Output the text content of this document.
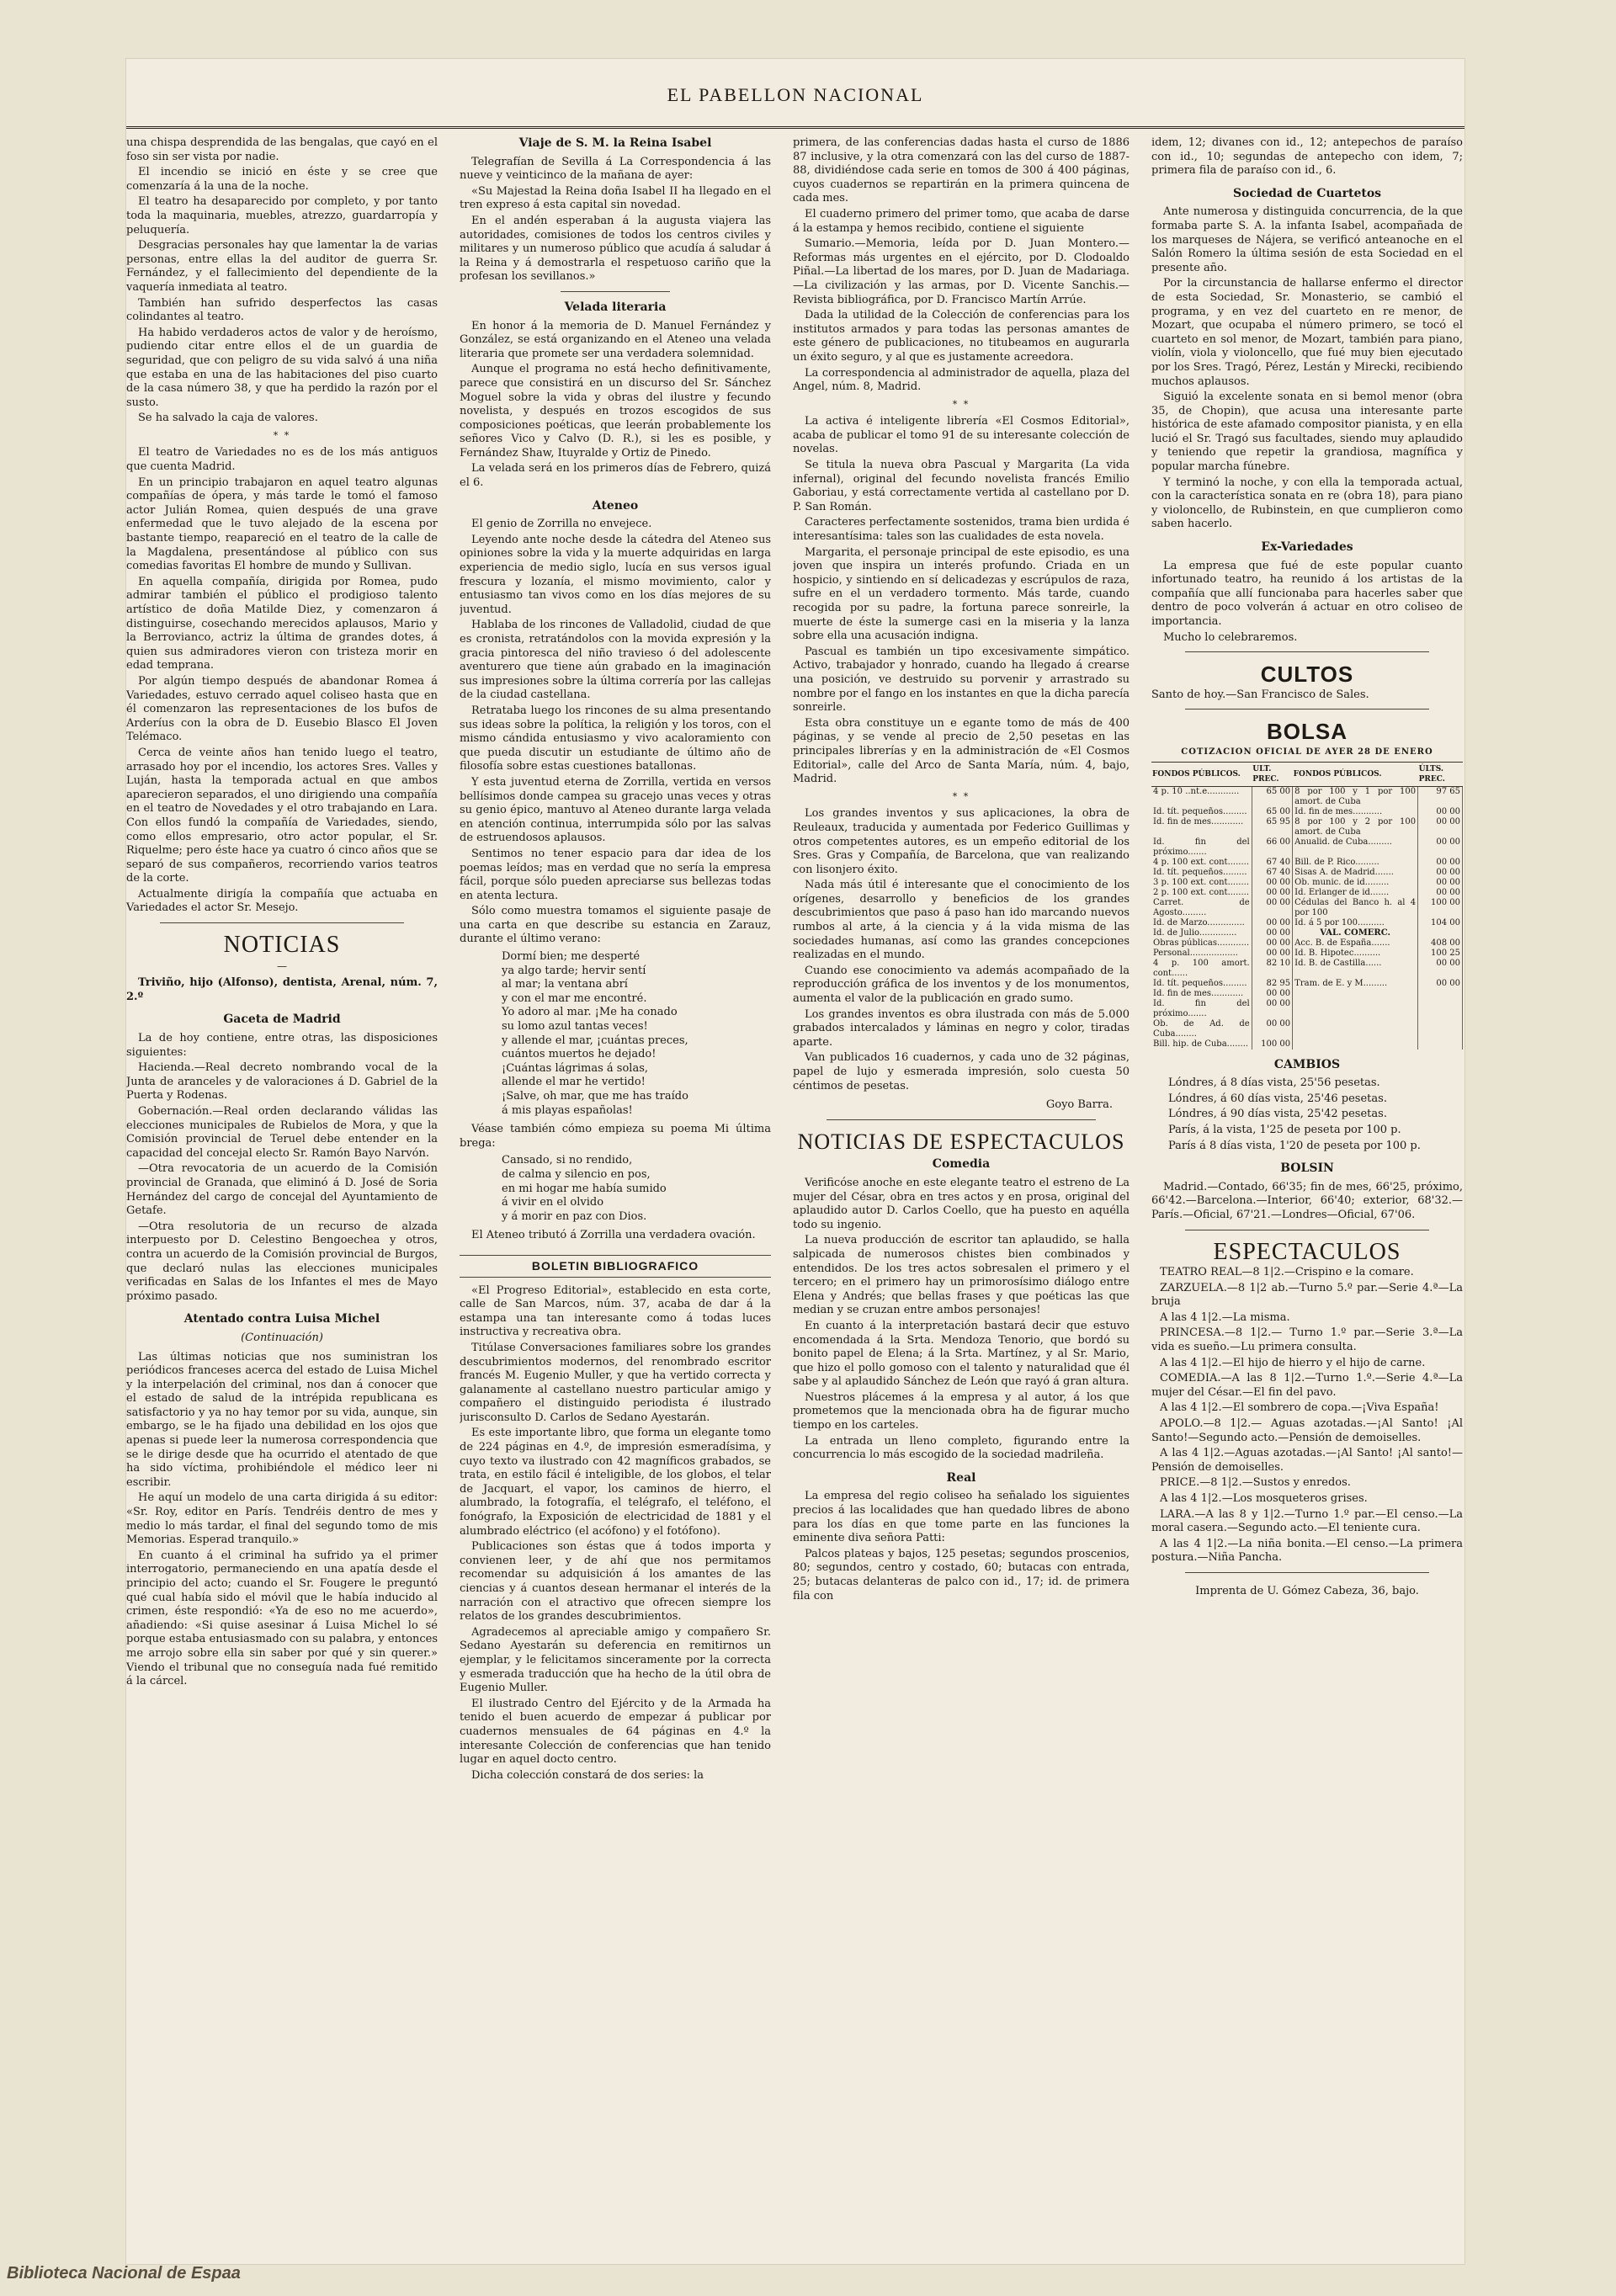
EL PABELLON NACIONAL

una chispa desprendida de las bengalas, que cayó en el foso sin ser vista por nadie.

El incendio se inició en éste y se cree que comenzaría á la una de la noche.

El teatro ha desaparecido por completo, y por tanto toda la maquinaria, muebles, atrezzo, guardarropía y peluquería.

Desgracias personales hay que lamentar la de varias personas, entre ellas la del auditor de guerra Sr. Fernández, y el fallecimiento del dependiente de la vaquería inmediata al teatro.

También han sufrido desperfectos las casas colindantes al teatro.

Ha habido verdaderos actos de valor y de heroísmo, pudiendo citar entre ellos el de un guardia de seguridad, que con peligro de su vida salvó á una niña que estaba en una de las habitaciones del piso cuarto de la casa número 38, y que ha perdido la razón por el susto.

Se ha salvado la caja de valores.

* *

El teatro de Variedades no es de los más antiguos que cuenta Madrid.

En un principio trabajaron en aquel teatro algunas compañías de ópera, y más tarde le tomó el famoso actor Julián Romea, quien después de una grave enfermedad que le tuvo alejado de la escena por bastante tiempo, reapareció en el teatro de la calle de la Magdalena, presentándose al público con sus comedias favoritas El hombre de mundo y Sullivan.

En aquella compañía, dirigida por Romea, pudo admirar también el público el prodigioso talento artístico de doña Matilde Diez, y comenzaron á distinguirse, cosechando merecidos aplausos, Mario y la Berrovianco, actriz la última de grandes dotes, á quien sus admiradores vieron con tristeza morir en edad temprana.

Por algún tiempo después de abandonar Romea á Variedades, estuvo cerrado aquel coliseo hasta que en él comenzaron las representaciones de los bufos de Arderíus con la obra de D. Eusebio Blasco El Joven Telémaco.

Cerca de veinte años han tenido luego el teatro, arrasado hoy por el incendio, los actores Sres. Valles y Luján, hasta la temporada actual en que ambos aparecieron separados, el uno dirigiendo una compañía en el teatro de Novedades y el otro trabajando en Lara. Con ellos fundó la compañía de Variedades, siendo, como ellos empresario, otro actor popular, el Sr. Riquelme; pero éste hace ya cuatro ó cinco años que se separó de sus compañeros, recorriendo varios teatros de la corte.

Actualmente dirigía la compañía que actuaba en Variedades el actor Sr. Mesejo.

NOTICIAS
—

Triviño, hijo (Alfonso), dentista, Arenal, núm. 7, 2.º

Gaceta de Madrid

La de hoy contiene, entre otras, las disposiciones siguientes:

Hacienda.—Real decreto nombrando vocal de la Junta de aranceles y de valoraciones á D. Gabriel de la Puerta y Rodenas.

Gobernación.—Real orden declarando válidas las elecciones municipales de Rubielos de Mora, y que la Comisión provincial de Teruel debe entender en la capacidad del concejal electo Sr. Ramón Bayo Narvón.

—Otra revocatoria de un acuerdo de la Comisión provincial de Granada, que eliminó á D. José de Soria Hernández del cargo de concejal del Ayuntamiento de Getafe.

—Otra resolutoria de un recurso de alzada interpuesto por D. Celestino Bengoechea y otros, contra un acuerdo de la Comisión provincial de Burgos, que declaró nulas las elecciones municipales verificadas en Salas de los Infantes el mes de Mayo próximo pasado.

Atentado contra Luisa Michel
(Continuación)

Las últimas noticias que nos suministran los periódicos franceses acerca del estado de Luisa Michel y la interpelación del criminal, nos dan á conocer que el estado de salud de la intrépida republicana es satisfactorio y ya no hay temor por su vida, aunque, sin embargo, se le ha fijado una debilidad en los ojos que apenas si puede leer la numerosa correspondencia que se le dirige desde que ha ocurrido el atentado de que ha sido víctima, prohibiéndole el médico leer ni escribir.

He aquí un modelo de una carta dirigida á su editor: «Sr. Roy, editor en París. Tendréis dentro de mes y medio lo más tardar, el final del segundo tomo de mis Memorias. Esperad tranquilo.»

En cuanto á el criminal ha sufrido ya el primer interrogatorio, permaneciendo en una apatía desde el principio del acto; cuando el Sr. Fougere le preguntó qué cual había sido el móvil que le había inducido al crimen, éste respondió: «Ya de eso no me acuerdo», añadiendo: «Si quise asesinar á Luisa Michel lo sé porque estaba entusiasmado con su palabra, y entonces me arrojo sobre ella sin saber por qué y sin querer.» Viendo el tribunal que no conseguía nada fué remitido á la cárcel.

Viaje de S. M. la Reina Isabel

Telegrafían de Sevilla á La Correspondencia á las nueve y veinticinco de la mañana de ayer:

«Su Majestad la Reina doña Isabel II ha llegado en el tren expreso á esta capital sin novedad.

En el andén esperaban á la augusta viajera las autoridades, comisiones de todos los centros civiles y militares y un numeroso público que acudía á saludar á la Reina y á demostrarla el respetuoso cariño que la profesan los sevillanos.»

Velada literaria

En honor á la memoria de D. Manuel Fernández y González, se está organizando en el Ateneo una velada literaria que promete ser una verdadera solemnidad.

Aunque el programa no está hecho definitivamente, parece que consistirá en un discurso del Sr. Sánchez Moguel sobre la vida y obras del ilustre y fecundo novelista, y después en trozos escogidos de sus composiciones poéticas, que leerán probablemente los señores Vico y Calvo (D. R.), si les es posible, y Fernández Shaw, Ituyralde y Ortiz de Pinedo.

La velada será en los primeros días de Febrero, quizá el 6.

Ateneo

El genio de Zorrilla no envejece.

Leyendo ante noche desde la cátedra del Ateneo sus opiniones sobre la vida y la muerte adquiridas en larga experiencia de medio siglo, lucía en sus versos igual frescura y lozanía, el mismo movimiento, calor y entusiasmo tan vivos como en los días mejores de su juventud.

Hablaba de los rincones de Valladolid, ciudad de que es cronista, retratándolos con la movida expresión y la gracia pintoresca del niño travieso ó del adolescente aventurero que tiene aún grabado en la imaginación sus impresiones sobre la última correría por las callejas de la ciudad castellana.

Retrataba luego los rincones de su alma presentando sus ideas sobre la política, la religión y los toros, con el mismo cándida entusiasmo y vivo acaloramiento con que pueda discutir un estudiante de último año de filosofía sobre estas cuestiones batallonas.

Y esta juventud eterna de Zorrilla, vertida en versos bellísimos donde campea su gracejo unas veces y otras su genio épico, mantuvo al Ateneo durante larga velada en atención continua, interrumpida sólo por las salvas de estruendosos aplausos.

Sentimos no tener espacio para dar idea de los poemas leídos; mas en verdad que no sería la empresa fácil, porque sólo pueden apreciarse sus bellezas todas en atenta lectura.

Sólo como muestra tomamos el siguiente pasaje de una carta en que describe su estancia en Zarauz, durante el último verano:

Dormí bien; me desperté
ya algo tarde; hervir sentí
al mar; la ventana abrí
y con el mar me encontré.
Yo adoro al mar. ¡Me ha conado
su lomo azul tantas veces!
y allende el mar, ¡cuántas preces,
cuántos muertos he dejado!
¡Cuántas lágrimas á solas,
allende el mar he vertido!
¡Salve, oh mar, que me has traído
á mis playas españolas!

Véase también cómo empieza su poema Mi última brega:

Cansado, si no rendido,
de calma y silencio en pos,
en mi hogar me había sumido
á vivir en el olvido
y á morir en paz con Dios.

El Ateneo tributó á Zorrilla una verdadera ovación.

BOLETIN BIBLIOGRAFICO

«El Progreso Editorial», establecido en esta corte, calle de San Marcos, núm. 37, acaba de dar á la estampa una tan interesante como á todas luces instructiva y recreativa obra.

Titúlase Conversaciones familiares sobre los grandes descubrimientos modernos, del renombrado escritor francés M. Eugenio Muller, y que ha vertido correcta y galanamente al castellano nuestro particular amigo y compañero el distinguido periodista é ilustrado jurisconsulto D. Carlos de Sedano Ayestarán.

Es este importante libro, que forma un elegante tomo de 224 páginas en 4.º, de impresión esmeradísima, y cuyo texto va ilustrado con 42 magníficos grabados, se trata, en estilo fácil é inteligible, de los globos, el telar de Jacquart, el vapor, los caminos de hierro, el alumbrado, la fotografía, el telégrafo, el teléfono, el fonógrafo, la Exposición de electricidad de 1881 y el alumbrado eléctrico (el acófono) y el fotófono).

Publicaciones son éstas que á todos importa y convienen leer, y de ahí que nos permitamos recomendar su adquisición á los amantes de las ciencias y á cuantos desean hermanar el interés de la narración con el atractivo que ofrecen siempre los relatos de los grandes descubrimientos.

Agradecemos al apreciable amigo y compañero Sr. Sedano Ayestarán su deferencia en remitirnos un ejemplar, y le felicitamos sinceramente por la correcta y esmerada traducción que ha hecho de la útil obra de Eugenio Muller.

El ilustrado Centro del Ejército y de la Armada ha tenido el buen acuerdo de empezar á publicar por cuadernos mensuales de 64 páginas en 4.º la interesante Colección de conferencias que han tenido lugar en aquel docto centro.

Dicha colección constará de dos series: la

primera, de las conferencias dadas hasta el curso de 1886 87 inclusive, y la otra comenzará con las del curso de 1887-88, dividiéndose cada serie en tomos de 300 á 400 páginas, cuyos cuadernos se repartirán en la primera quincena de cada mes.

El cuaderno primero del primer tomo, que acaba de darse á la estampa y hemos recibido, contiene el siguiente

Sumario.—Memoria, leída por D. Juan Montero.—Reformas más urgentes en el ejército, por D. Clodoaldo Piñal.—La libertad de los mares, por D. Juan de Madariaga.—La civilización y las armas, por D. Vicente Sanchis.—Revista bibliográfica, por D. Francisco Martín Arrúe.

Dada la utilidad de la Colección de conferencias para los institutos armados y para todas las personas amantes de este género de publicaciones, no titubeamos en augurarla un éxito seguro, y al que es justamente acreedora.

La correspondencia al administrador de aquella, plaza del Angel, núm. 8, Madrid.

* *

La activa é inteligente librería «El Cosmos Editorial», acaba de publicar el tomo 91 de su interesante colección de novelas.

Se titula la nueva obra Pascual y Margarita (La vida infernal), original del fecundo novelista francés Emilio Gaboriau, y está correctamente vertida al castellano por D. P. San Román.

Caracteres perfectamente sostenidos, trama bien urdida é interesantísima: tales son las cualidades de esta novela.

Margarita, el personaje principal de este episodio, es una joven que inspira un interés profundo. Criada en un hospicio, y sintiendo en sí delicadezas y escrúpulos de raza, sufre en el un verdadero tormento. Más tarde, cuando recogida por su padre, la fortuna parece sonreirle, la muerte de éste la sumerge casi en la miseria y la lanza sobre ella una acusación indigna.

Pascual es también un tipo excesivamente simpático. Activo, trabajador y honrado, cuando ha llegado á crearse una posición, ve destruido su porvenir y arrastrado su nombre por el fango en los instantes en que la dicha parecía sonreirle.

Esta obra constituye un e egante tomo de más de 400 páginas, y se vende al precio de 2,50 pesetas en las principales librerías y en la administración de «El Cosmos Editorial», calle del Arco de Santa María, núm. 4, bajo, Madrid.

* *

Los grandes inventos y sus aplicaciones, la obra de Reuleaux, traducida y aumentada por Federico Guillimas y otros competentes autores, es un empeño editorial de los Sres. Gras y Compañía, de Barcelona, que van realizando con lisonjero éxito.

Nada más útil é interesante que el conocimiento de los orígenes, desarrollo y beneficios de los grandes descubrimientos que paso á paso han ido marcando nuevos rumbos al arte, á la ciencia y á la vida misma de las sociedades humanas, así como las grandes concepciones realizadas en el mundo.

Cuando ese conocimiento va además acompañado de la reproducción gráfica de los inventos y de los monumentos, aumenta el valor de la publicación en grado sumo.

Los grandes inventos es obra ilustrada con más de 5.000 grabados intercalados y láminas en negro y color, tiradas aparte.

Van publicados 16 cuadernos, y cada uno de 32 páginas, papel de lujo y esmerada impresión, solo cuesta 50 céntimos de pesetas.

Goyo Barra.
NOTICIAS DE ESPECTACULOS
Comedia

Verificóse anoche en este elegante teatro el estreno de La mujer del César, obra en tres actos y en prosa, original del aplaudido autor D. Carlos Coello, que ha puesto en aquélla todo su ingenio.

La nueva producción de escritor tan aplaudido, se halla salpicada de numerosos chistes bien combinados y entendidos. De los tres actos sobresalen el primero y el tercero; en el primero hay un primorosísimo diálogo entre Elena y Andrés; que bellas frases y que poéticas las que median y se cruzan entre ambos personajes!

En cuanto á la interpretación bastará decir que estuvo encomendada á la Srta. Mendoza Tenorio, que bordó su bonito papel de Elena; á la Srta. Martínez, y al Sr. Mario, que hizo el pollo gomoso con el talento y naturalidad que él sabe y al aplaudido Sánchez de León que rayó á gran altura.

Nuestros plácemes á la empresa y al autor, á los que prometemos que la mencionada obra ha de figurar mucho tiempo en los carteles.

La entrada un lleno completo, figurando entre la concurrencia lo más escogido de la sociedad madrileña.

Real

La empresa del regio coliseo ha señalado los siguientes precios á las localidades que han quedado libres de abono para los días en que tome parte en las funciones la eminente diva señora Patti:

Palcos plateas y bajos, 125 pesetas; segundos proscenios, 80; segundos, centro y costado, 60; butacas con entrada, 25; butacas delanteras de palco con id., 17; id. de primera fila con

idem, 12; divanes con id., 12; antepechos de paraíso con id., 10; segundas de antepecho con idem, 7; primera fila de paraíso con id., 6.

Sociedad de Cuartetos

Ante numerosa y distinguida concurrencia, de la que formaba parte S. A. la infanta Isabel, acompañada de los marqueses de Nájera, se verificó anteanoche en el Salón Romero la última sesión de esta Sociedad en el presente año.

Por la circunstancia de hallarse enfermo el director de esta Sociedad, Sr. Monasterio, se cambió el programa, y en vez del cuarteto en re menor, de Mozart, que ocupaba el número primero, se tocó el cuarteto en sol menor, de Mozart, también para piano, violín, viola y violoncello, que fué muy bien ejecutado por los Sres. Tragó, Pérez, Lestán y Mirecki, recibiendo muchos aplausos.

Siguió la excelente sonata en si bemol menor (obra 35, de Chopin), que acusa una interesante parte histórica de este afamado compositor pianista, y en ella lució el Sr. Tragó sus facultades, siendo muy aplaudido y teniendo que repetir la grandiosa, magnífica y popular marcha fúnebre.

Y terminó la noche, y con ella la temporada actual, con la característica sonata en re (obra 18), para piano y violoncello, de Rubinstein, en que cumplieron como saben hacerlo.

Ex-Variedades

La empresa que fué de este popular cuanto infortunado teatro, ha reunido á los artistas de la compañía que allí funcionaba para hacerles saber que dentro de poco volverán á actuar en otro coliseo de importancia.

Mucho lo celebraremos.

CULTOS

Santo de hoy.—San Francisco de Sales.

BOLSA
COTIZACION OFICIAL DE AYER 28 DE ENERO
FONDOS PÚBLICOS.	ULT. PREC.	FONDOS PÚBLICOS.	ÚLTS. PREC.
4 p. 10 ..nt.e............	65 00	8 por 100 y 1 por 100 amort. de Cuba	97 65
Id. tít. pequeños.........	65 00	Id. fin de mes...........	00 00
Id. fin de mes............	65 95	8 por 100 y 2 por 100 amort. de Cuba	00 00
Id. fin del próximo.......	66 00	Anualid. de Cuba.........	00 00
4 p. 100 ext. cont........	67 40	Bill. de P. Rico.........	00 00
Id. tít. pequeños.........	67 40	Sisas A. de Madrid.......	00 00
3 p. 100 ext. cont........	00 00	Ob. munic. de id.........	00 00
2 p. 100 ext. cont........	00 00	Id. Erlanger de id.......	00 00
Carret. de Agosto.........	00 00	Cédulas del Banco h. al 4 por 100	100 00
Id. de Marzo..............	00 00	Id. á 5 por 100..........	104 00
Id. de Julio..............	00 00	VAL. COMERC.	
Obras públicas............	00 00	Acc. B. de España.......	408 00
Personal..................	00 00	Id. B. Hipotec..........	100 25
4 p. 100 amort. cont......	82 10	Id. B. de Castilla......	00 00
Id. tít. pequeños.........	82 95	Tram. de E. y M.........	00 00
Id. fin de mes............	00 00		
Id. fin del próximo.......	00 00		
Ob. de Ad. de Cuba........	00 00		
Bill. hip. de Cuba........	100 00		
CAMBIOS

Lóndres, á 8 días vista, 25'56 pesetas.

Lóndres, á 60 días vista, 25'46 pesetas.

Lóndres, á 90 días vista, 25'42 pesetas.

París, á la vista, 1'25 de peseta por 100 p.

París á 8 días vista, 1'20 de peseta por 100 p.

BOLSIN

Madrid.—Contado, 66'35; fin de mes, 66'25, próximo, 66'42.—Barcelona.—Interior, 66'40; exterior, 68'32.—París.—Oficial, 67'21.—Londres—Oficial, 67'06.

ESPECTACULOS

TEATRO REAL—8 1|2.—Crispino e la comare.

ZARZUELA.—8 1|2 ab.—Turno 5.º par.—Serie 4.ª—La bruja

A las 4 1|2.—La misma.

PRINCESA.—8 1|2.— Turno 1.º par.—Serie 3.ª—La vida es sueño.—Lu primera consulta.

A las 4 1|2.—El hijo de hierro y el hijo de carne.

COMEDIA.—A las 8 1|2.—Turno 1.º.—Serie 4.ª—La mujer del César.—El fin del pavo.

A las 4 1|2.—El sombrero de copa.—¡Viva España!

APOLO.—8 1|2.— Aguas azotadas.—¡Al Santo! ¡Al Santo!—Segundo acto.—Pensión de demoiselles.

A las 4 1|2.—Aguas azotadas.—¡Al Santo! ¡Al santo!—Pensión de demoiselles.

PRICE.—8 1|2.—Sustos y enredos.

A las 4 1|2.—Los mosqueteros grises.

LARA.—A las 8 y 1|2.—Turno 1.º par.—El censo.—La moral casera.—Segundo acto.—El teniente cura.

A las 4 1|2.—La niña bonita.—El censo.—La primera postura.—Niña Pancha.

Imprenta de U. Gómez Cabeza, 36, bajo.
Biblioteca Nacional de Espaa
